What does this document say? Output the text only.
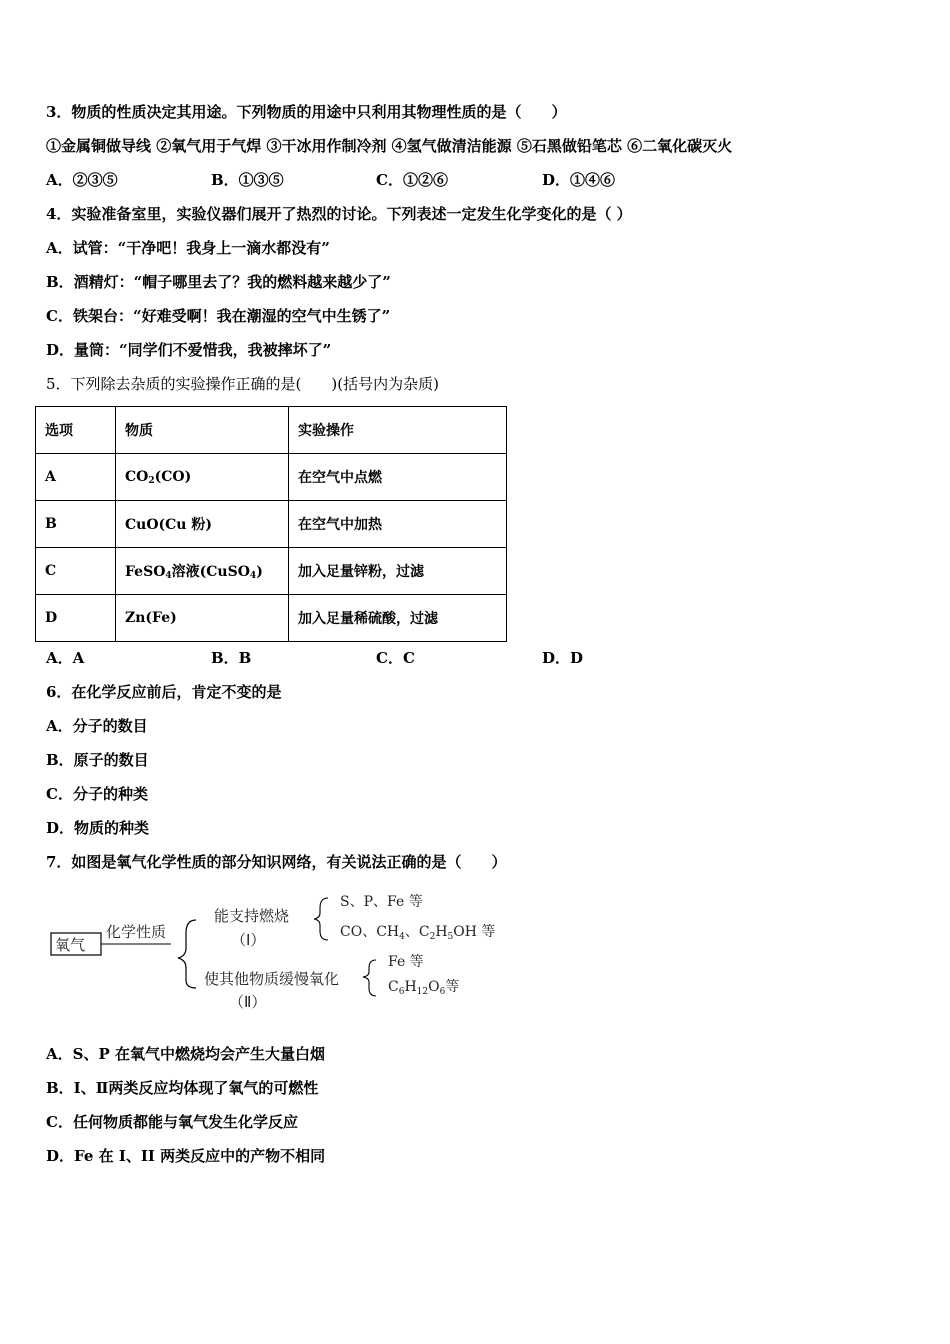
3．物质的性质决定其用途。下列物质的用途中只利用其物理性质的是（　　）
①金属铜做导线 ②氧气用于气焊 ③干冰用作制冷剂 ④氢气做清洁能源 ⑤石黑做铅笔芯 ⑥二氧化碳灭火
A．②③⑤	B．①③⑤	C．①②⑥	D．①④⑥
4．实验准备室里，实验仪器们展开了热烈的讨论。下列表述一定发生化学变化的是（ ）
A．试管：“干净吧！我身上一滴水都没有”
B．酒精灯：“帽子哪里去了？我的燃料越来越少了”
C．铁架台：“好难受啊！我在潮湿的空气中生锈了”
D．量筒：“同学们不爱惜我，我被摔坏了”
5．下列除去杂质的实验操作正确的是(　　)(括号内为杂质)
选项	物质	实验操作
A	$CO_2(CO)$	在空气中点燃
B	CuO(Cu 粉)	在空气中加热
C	FeSO$_4$溶液(CuSO$_4$)	加入足量锌粉，过滤
D	Zn(Fe)	加入足量稀硫酸，过滤
A．A	B．B	C．C	D．D
6．在化学反应前后，肯定不变的是
A．分子的数目
B．原子的数目
C．分子的种类
D．物质的种类
7．如图是氧气化学性质的部分知识网络，有关说法正确的是（　　）
氧气
化学性质
能支持燃烧
（Ⅰ）
S、P、Fe 等
CO、$CH_4$、$C_2H_5OH$ 等
使其他物质缓慢氧化
（Ⅱ）
Fe 等
$C_6H_{12}O_6$等
A．S、P 在氧气中燃烧均会产生大量白烟
B．I、Ⅱ两类反应均体现了氧气的可燃性
C．任何物质都能与氧气发生化学反应
D．Fe 在 I、II 两类反应中的产物不相同
